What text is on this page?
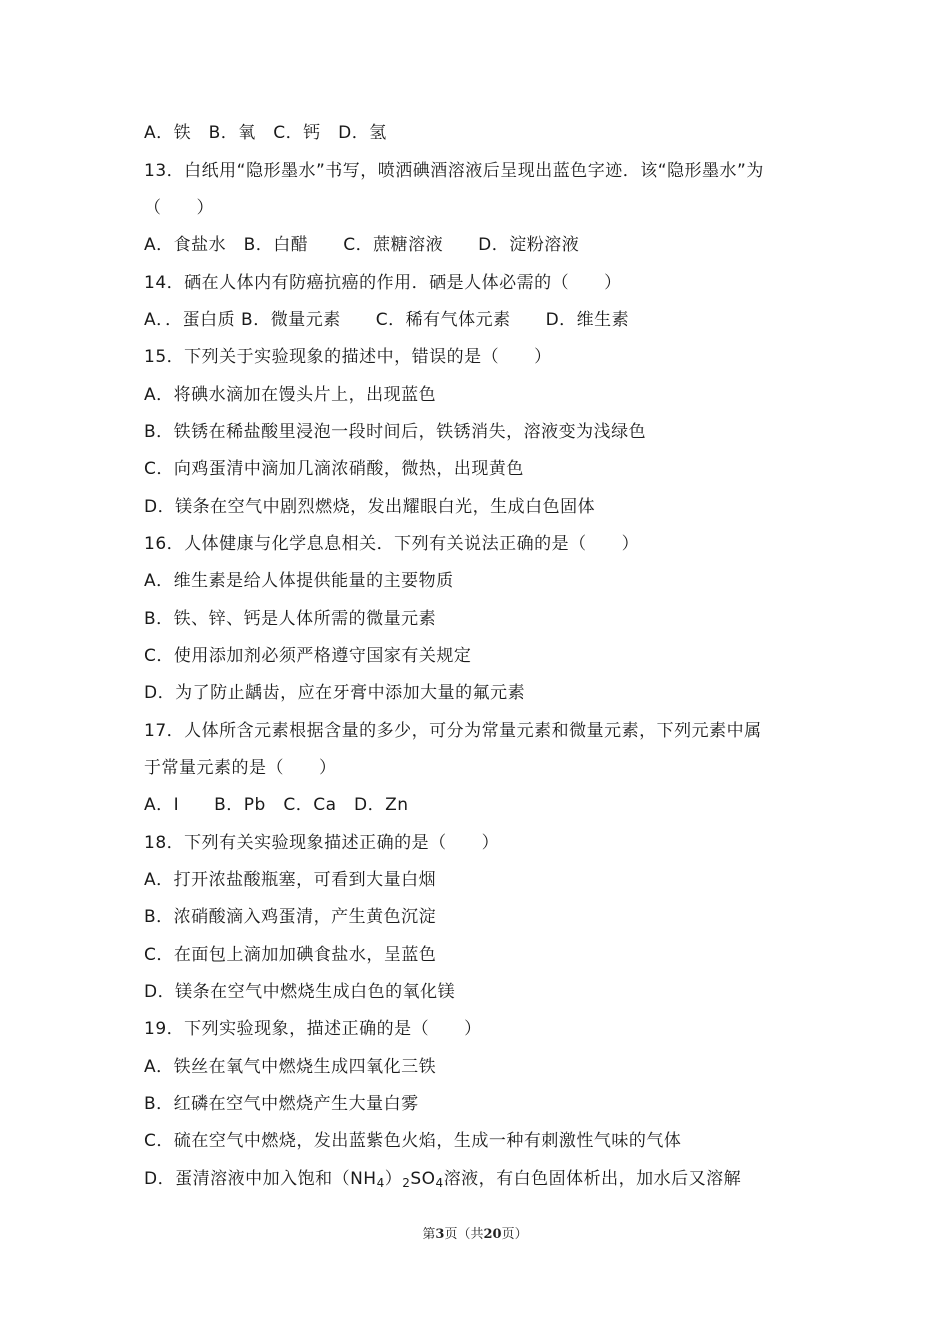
A．铁　B．氧　C．钙　D．氢
13．白纸用“隐形墨水”书写，喷洒碘酒溶液后呈现出蓝色字迹．该“隐形墨水”为
（　　）
A．食盐水　B．白醋　　C．蔗糖溶液　　D．淀粉溶液
14．硒在人体内有防癌抗癌的作用．硒是人体必需的（　　）
A．．蛋白质 B．微量元素　　C．稀有气体元素　　D．维生素
15．下列关于实验现象的描述中，错误的是（　　）
A．将碘水滴加在馒头片上，出现蓝色
B．铁锈在稀盐酸里浸泡一段时间后，铁锈消失，溶液变为浅绿色
C．向鸡蛋清中滴加几滴浓硝酸，微热，出现黄色
D．镁条在空气中剧烈燃烧，发出耀眼白光，生成白色固体
16．人体健康与化学息息相关．下列有关说法正确的是（　　）
A．维生素是给人体提供能量的主要物质
B．铁、锌、钙是人体所需的微量元素
C．使用添加剂必须严格遵守国家有关规定
D．为了防止龋齿，应在牙膏中添加大量的氟元素
17．人体所含元素根据含量的多少，可分为常量元素和微量元素，下列元素中属
于常量元素的是（　　）
A．I　　B．Pb　C．Ca　D．Zn
18．下列有关实验现象描述正确的是（　　）
A．打开浓盐酸瓶塞，可看到大量白烟
B．浓硝酸滴入鸡蛋清，产生黄色沉淀
C．在面包上滴加加碘食盐水，呈蓝色
D．镁条在空气中燃烧生成白色的氧化镁
19．下列实验现象，描述正确的是（　　）
A．铁丝在氧气中燃烧生成四氧化三铁
B．红磷在空气中燃烧产生大量白雾
C．硫在空气中燃烧，发出蓝紫色火焰，生成一种有刺激性气味的气体
D．蛋清溶液中加入饱和$(NH_4)_2SO_4$溶液，有白色固体析出，加水后又溶解
第3页（共20页）
